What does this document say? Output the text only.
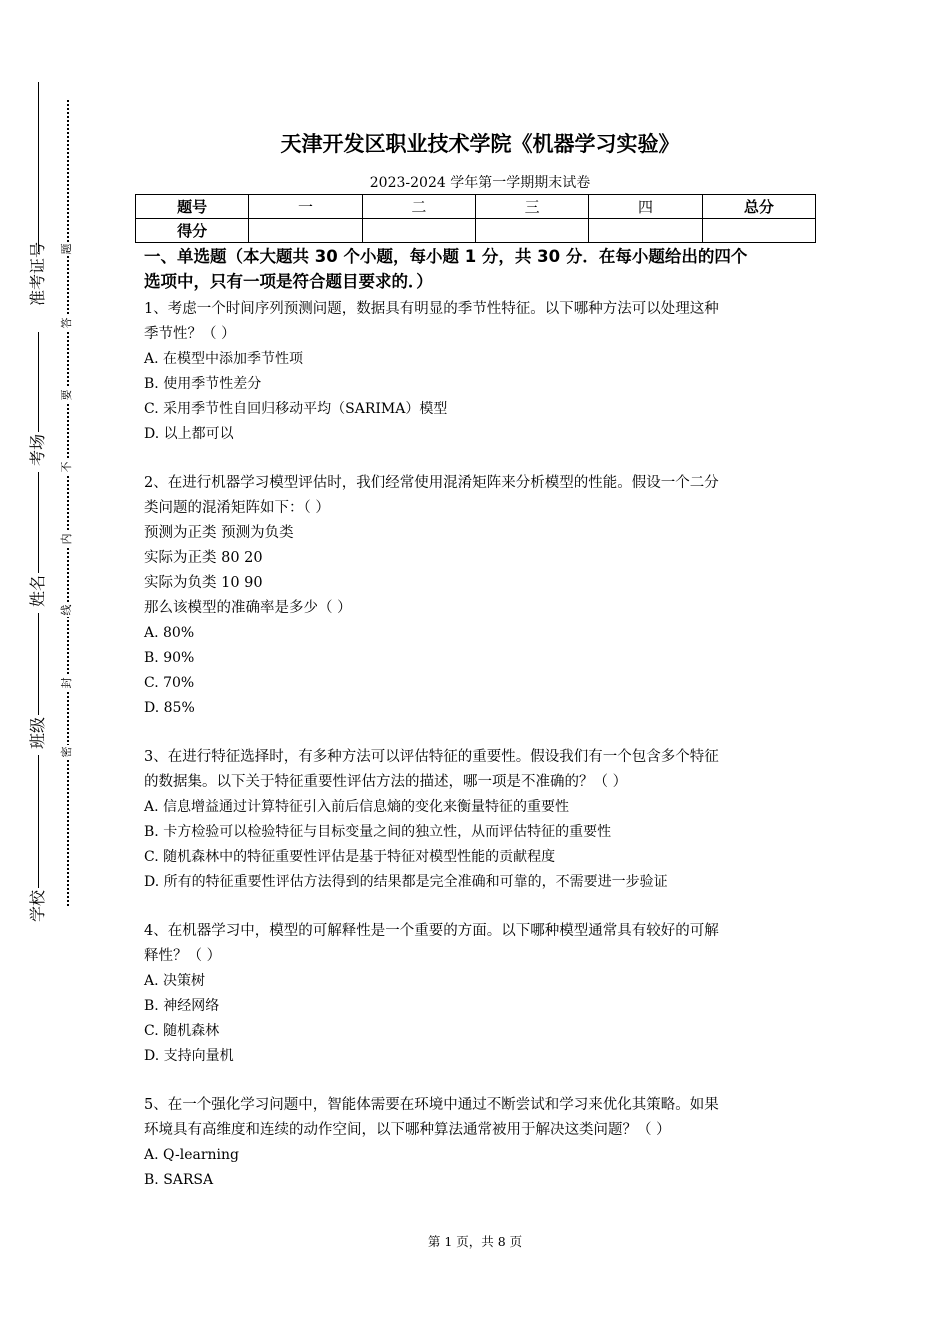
准考证号
考场
姓名
班级
学校
题
答
要
不
内
线
封
密
天津开发区职业技术学院《机器学习实验》
2023-2024 学年第一学期期末试卷
题号	一	二	三	四	总分
得分					
一、单选题（本大题共 30 个小题，每小题 1 分，共 30 分．在每小题给出的四个
选项中，只有一项是符合题目要求的．）
1、考虑一个时间序列预测问题，数据具有明显的季节性特征。以下哪种方法可以处理这种
季节性？（ ）
A. 在模型中添加季节性项
B. 使用季节性差分
C. 采用季节性自回归移动平均（SARIMA）模型
D. 以上都可以
2、在进行机器学习模型评估时，我们经常使用混淆矩阵来分析模型的性能。假设一个二分
类问题的混淆矩阵如下：（ ）
预测为正类 预测为负类
实际为正类 80 20
实际为负类 10 90
那么该模型的准确率是多少（ ）
A. 80%
B. 90%
C. 70%
D. 85%
3、在进行特征选择时，有多种方法可以评估特征的重要性。假设我们有一个包含多个特征
的数据集。以下关于特征重要性评估方法的描述，哪一项是不准确的？（ ）
A. 信息增益通过计算特征引入前后信息熵的变化来衡量特征的重要性
B. 卡方检验可以检验特征与目标变量之间的独立性，从而评估特征的重要性
C. 随机森林中的特征重要性评估是基于特征对模型性能的贡献程度
D. 所有的特征重要性评估方法得到的结果都是完全准确和可靠的，不需要进一步验证
4、在机器学习中，模型的可解释性是一个重要的方面。以下哪种模型通常具有较好的可解
释性？（ ）
A. 决策树
B. 神经网络
C. 随机森林
D. 支持向量机
5、在一个强化学习问题中，智能体需要在环境中通过不断尝试和学习来优化其策略。如果
环境具有高维度和连续的动作空间，以下哪种算法通常被用于解决这类问题？（ ）
A. Q-learning
B. SARSA
第 1 页，共 8 页
